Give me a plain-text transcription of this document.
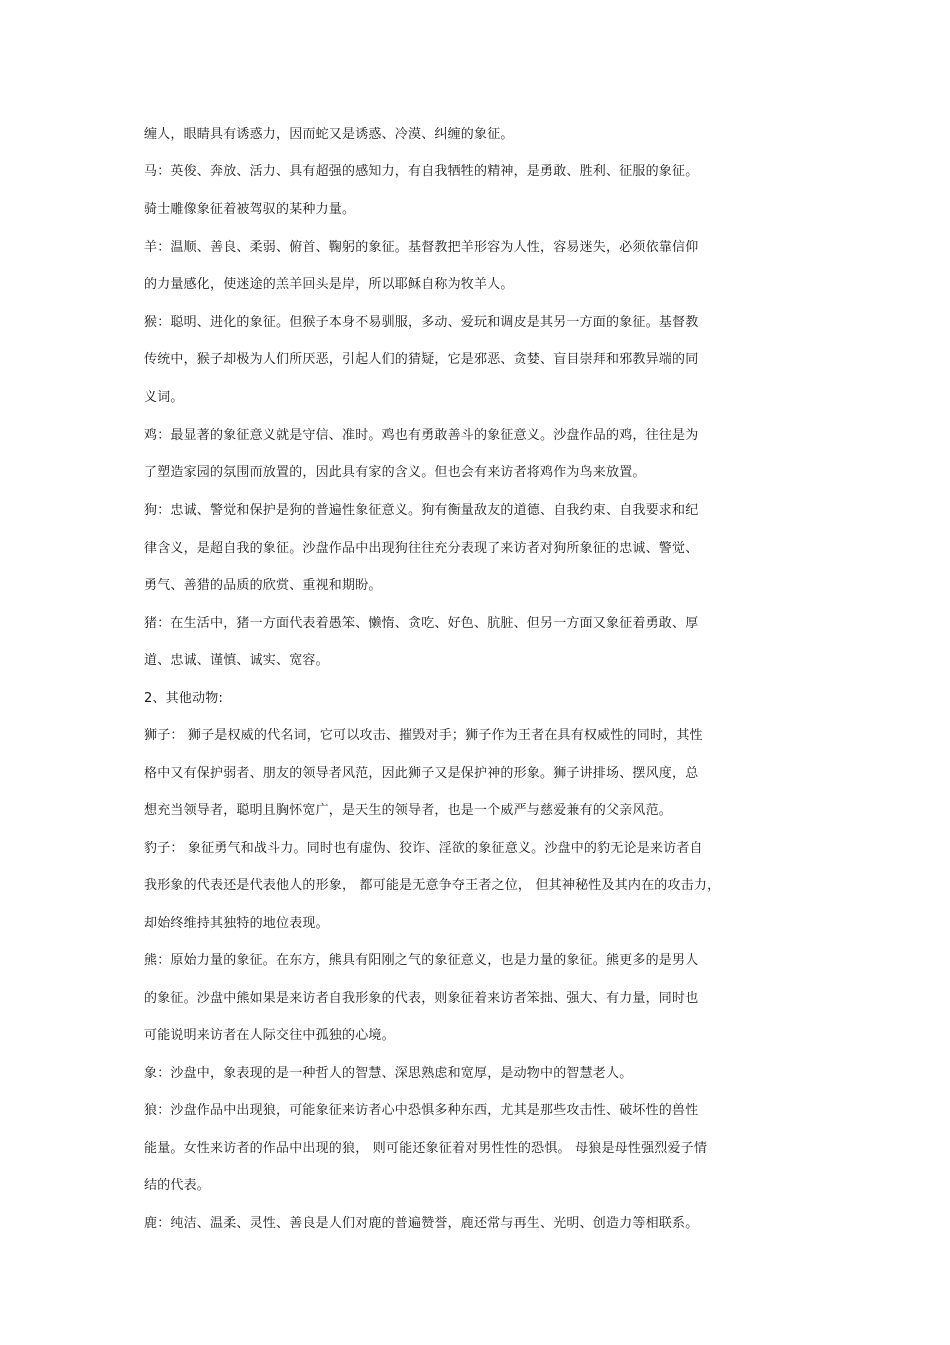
缠人，眼睛具有诱惑力，因而蛇又是诱惑、冷漠、纠缠的象征。

马：英俊、奔放、活力、具有超强的感知力，有自我牺牲的精神，是勇敢、胜利、征服的象征。

骑士雕像象征着被驾驭的某种力量。

羊：温顺、善良、柔弱、俯首、鞠躬的象征。基督教把羊形容为人性，容易迷失，必须依靠信仰

的力量感化，使迷途的羔羊回头是岸，所以耶稣自称为牧羊人。

猴：聪明、进化的象征。但猴子本身不易驯服，多动、爱玩和调皮是其另一方面的象征。基督教

传统中，猴子却极为人们所厌恶，引起人们的猜疑，它是邪恶、贪婪、盲目崇拜和邪教异端的同

义词。

鸡：最显著的象征意义就是守信、准时。鸡也有勇敢善斗的象征意义。沙盘作品的鸡，往往是为

了塑造家园的氛围而放置的，因此具有家的含义。但也会有来访者将鸡作为鸟来放置。

狗：忠诚、警觉和保护是狗的普遍性象征意义。狗有衡量敌友的道德、自我约束、自我要求和纪

律含义，是超自我的象征。沙盘作品中出现狗往往充分表现了来访者对狗所象征的忠诚、警觉、

勇气、善猎的品质的欣赏、重视和期盼。

猪：在生活中，猪一方面代表着愚笨、懒惰、贪吃、好色、肮脏、但另一方面又象征着勇敢、厚

道、忠诚、谨慎、诚实、宽容。

2、其他动物:

狮子： 狮子是权威的代名词，它可以攻击、摧毁对手；狮子作为王者在具有权威性的同时，其性

格中又有保护弱者、朋友的领导者风范，因此狮子又是保护神的形象。狮子讲排场、摆风度，总

想充当领导者，聪明且胸怀宽广，是天生的领导者，也是一个威严与慈爱兼有的父亲风范。

豹子： 象征勇气和战斗力。同时也有虚伪、狡诈、淫欲的象征意义。沙盘中的豹无论是来访者自

我形象的代表还是代表他人的形象， 都可能是无意争夺王者之位， 但其神秘性及其内在的攻击力，

却始终维持其独特的地位表现。

熊：原始力量的象征。在东方，熊具有阳刚之气的象征意义，也是力量的象征。熊更多的是男人

的象征。沙盘中熊如果是来访者自我形象的代表，则象征着来访者笨拙、强大、有力量，同时也

可能说明来访者在人际交往中孤独的心境。

象：沙盘中，象表现的是一种哲人的智慧、深思熟虑和宽厚，是动物中的智慧老人。

狼：沙盘作品中出现狼，可能象征来访者心中恐惧多种东西，尤其是那些攻击性、破坏性的兽性

能量。女性来访者的作品中出现的狼， 则可能还象征着对男性性的恐惧。 母狼是母性强烈爱子情

结的代表。

鹿：纯洁、温柔、灵性、善良是人们对鹿的普遍赞誉，鹿还常与再生、光明、创造力等相联系。
